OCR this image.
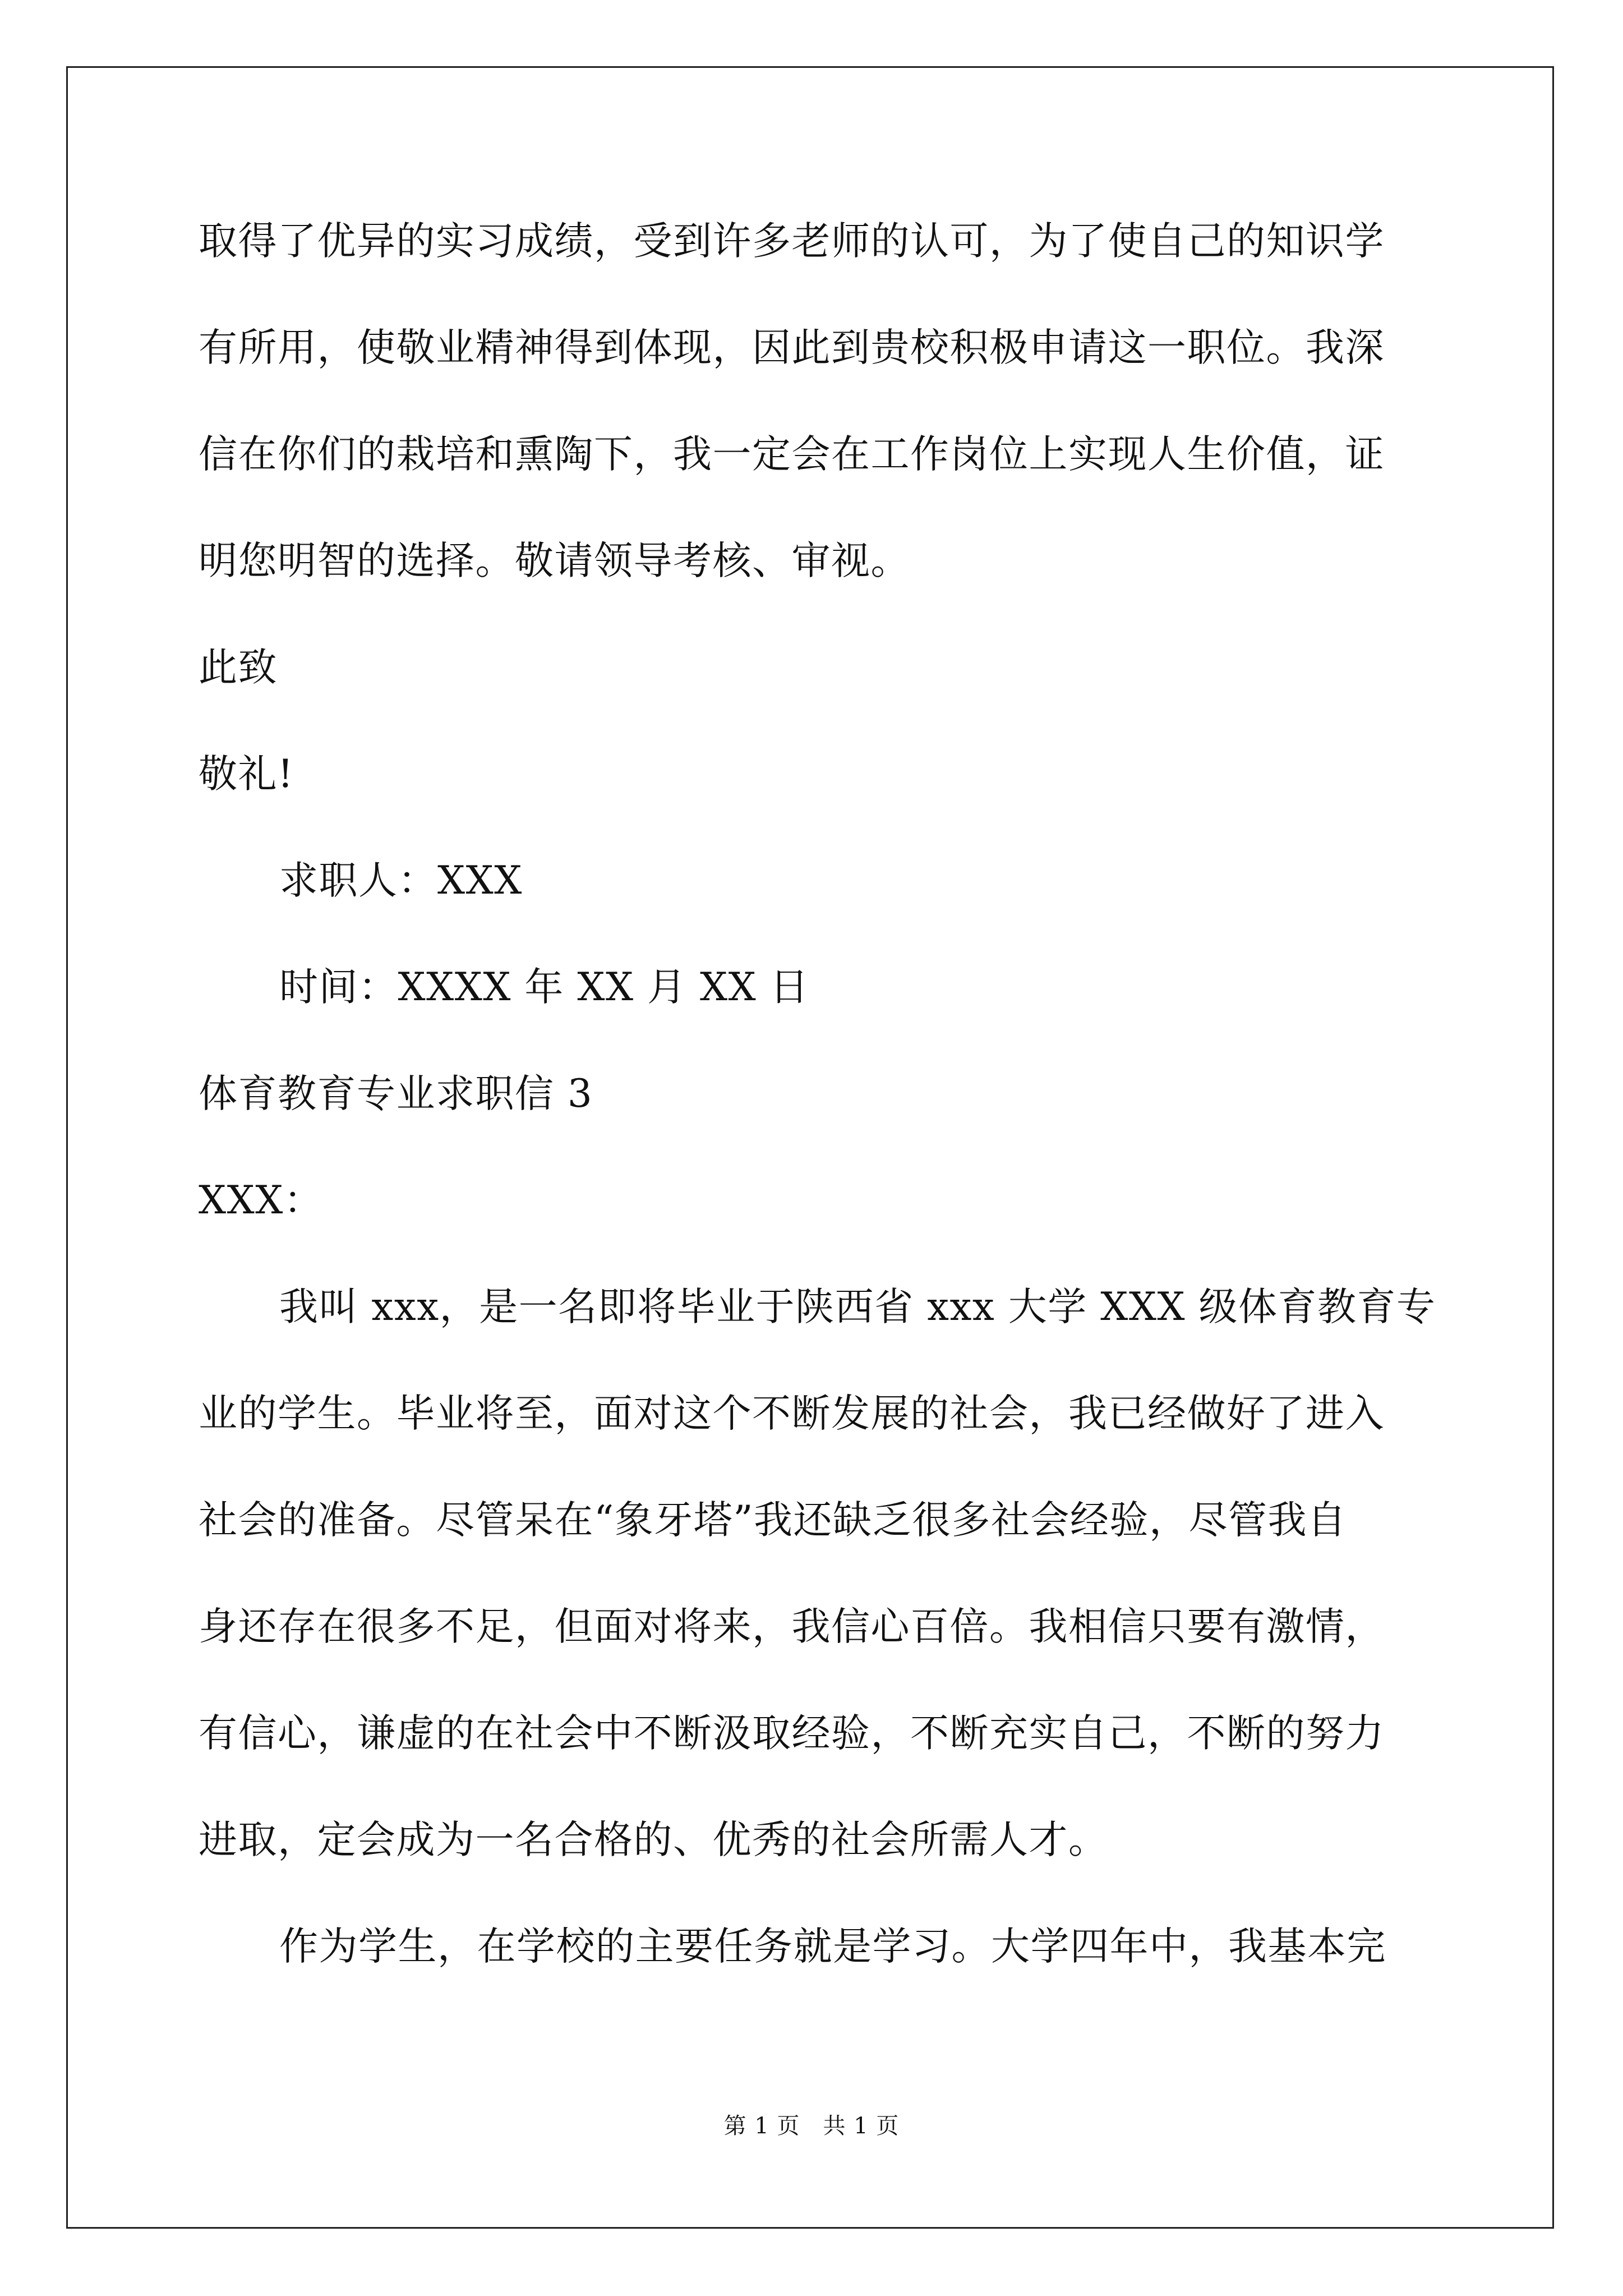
取得了优异的实习成绩，受到许多老师的认可，为了使自己的知识学
有所用，使敬业精神得到体现，因此到贵校积极申请这一职位。我深
信在你们的栽培和熏陶下，我一定会在工作岗位上实现人生价值，证
明您明智的选择。敬请领导考核、审视。
此致
敬礼!
求职人：XXX
时间：XXXX 年 XX 月 XX 日
体育教育专业求职信 3
XXX：
我叫 xxx，是一名即将毕业于陕西省 xxx 大学 XXX 级体育教育专
业的学生。毕业将至，面对这个不断发展的社会，我已经做好了进入
社会的准备。尽管呆在“象牙塔”我还缺乏很多社会经验，尽管我自
身还存在很多不足，但面对将来，我信心百倍。我相信只要有激情，
有信心，谦虚的在社会中不断汲取经验，不断充实自己，不断的努力
进取，定会成为一名合格的、优秀的社会所需人才。
作为学生，在学校的主要任务就是学习。大学四年中，我基本完
第 1 页　共 1 页
